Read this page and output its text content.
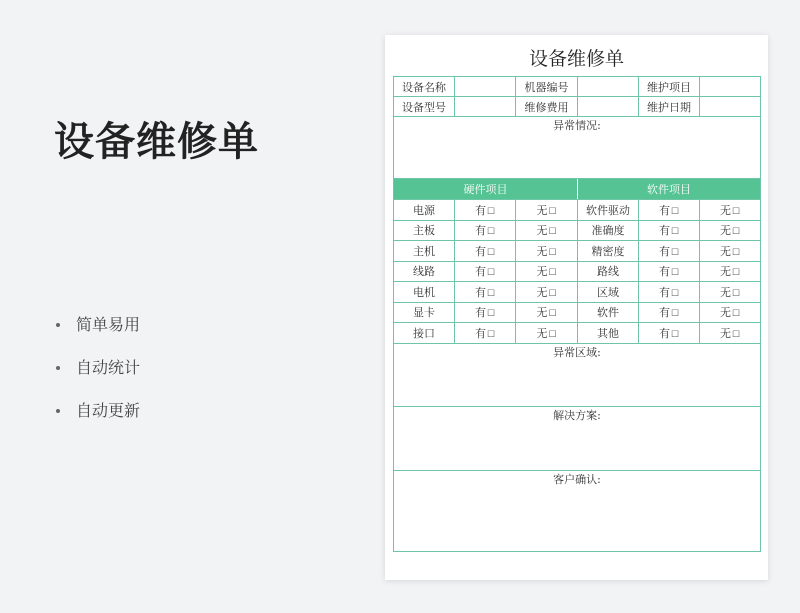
设备维修单
简单易用
自动统计
自动更新
设备维修单
设备名称		机器编号		维护项目	
设备型号		维修费用		维护日期	
异常情况:					
硬件项目			软件项目		
电源	有☐	无☐	软件驱动	有☐	无☐
主板	有☐	无☐	准确度	有☐	无☐
主机	有☐	无☐	精密度	有☐	无☐
线路	有☐	无☐	路线	有☐	无☐
电机	有☐	无☐	区域	有☐	无☐
显卡	有☐	无☐	软件	有☐	无☐
接口	有☐	无☐	其他	有☐	无☐
异常区域:					
解决方案:					
客户确认:					
